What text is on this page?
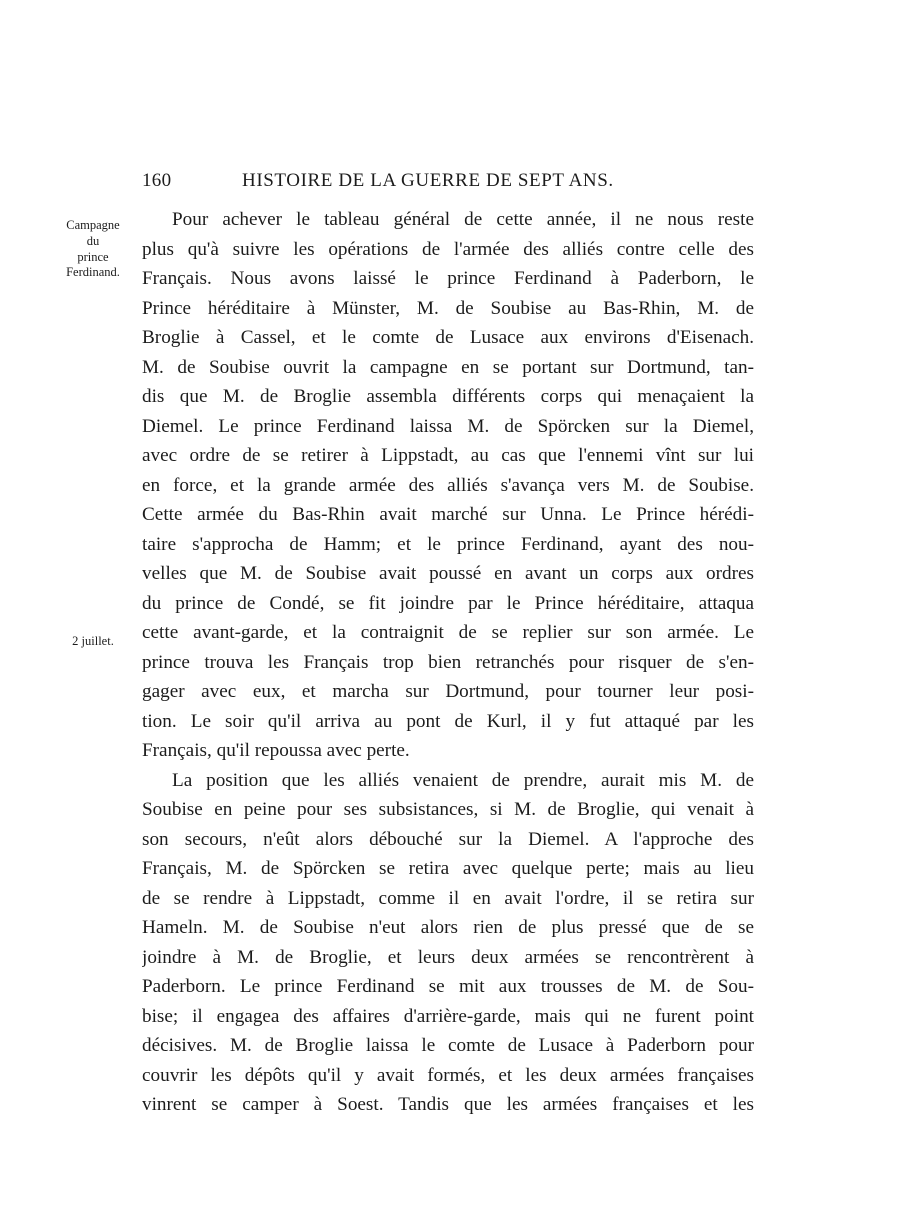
160	HISTOIRE DE LA GUERRE DE SEPT ANS.
Campagne
du
prince
Ferdinand.
2 juillet.
Pour achever le tableau général de cette année, il ne nous reste
plus qu'à suivre les opérations de l'armée des alliés contre celle des
Français. Nous avons laissé le prince Ferdinand à Paderborn, le
Prince héréditaire à Münster, M. de Soubise au Bas-Rhin, M. de
Broglie à Cassel, et le comte de Lusace aux environs d'Eisenach.
M. de Soubise ouvrit la campagne en se portant sur Dortmund, tan-
dis que M. de Broglie assembla différents corps qui menaçaient la
Diemel. Le prince Ferdinand laissa M. de Spörcken sur la Diemel,
avec ordre de se retirer à Lippstadt, au cas que l'ennemi vînt sur lui
en force, et la grande armée des alliés s'avança vers M. de Soubise.
Cette armée du Bas-Rhin avait marché sur Unna. Le Prince hérédi-
taire s'approcha de Hamm; et le prince Ferdinand, ayant des nou-
velles que M. de Soubise avait poussé en avant un corps aux ordres
du prince de Condé, se fit joindre par le Prince héréditaire, attaqua
cette avant-garde, et la contraignit de se replier sur son armée. Le
prince trouva les Français trop bien retranchés pour risquer de s'en-
gager avec eux, et marcha sur Dortmund, pour tourner leur posi-
tion. Le soir qu'il arriva au pont de Kurl, il y fut attaqué par les
Français, qu'il repoussa avec perte.
La position que les alliés venaient de prendre, aurait mis M. de
Soubise en peine pour ses subsistances, si M. de Broglie, qui venait à
son secours, n'eût alors débouché sur la Diemel. A l'approche des
Français, M. de Spörcken se retira avec quelque perte; mais au lieu
de se rendre à Lippstadt, comme il en avait l'ordre, il se retira sur
Hameln. M. de Soubise n'eut alors rien de plus pressé que de se
joindre à M. de Broglie, et leurs deux armées se rencontrèrent à
Paderborn. Le prince Ferdinand se mit aux trousses de M. de Sou-
bise; il engagea des affaires d'arrière-garde, mais qui ne furent point
décisives. M. de Broglie laissa le comte de Lusace à Paderborn pour
couvrir les dépôts qu'il y avait formés, et les deux armées françaises
vinrent se camper à Soest. Tandis que les armées françaises et les
